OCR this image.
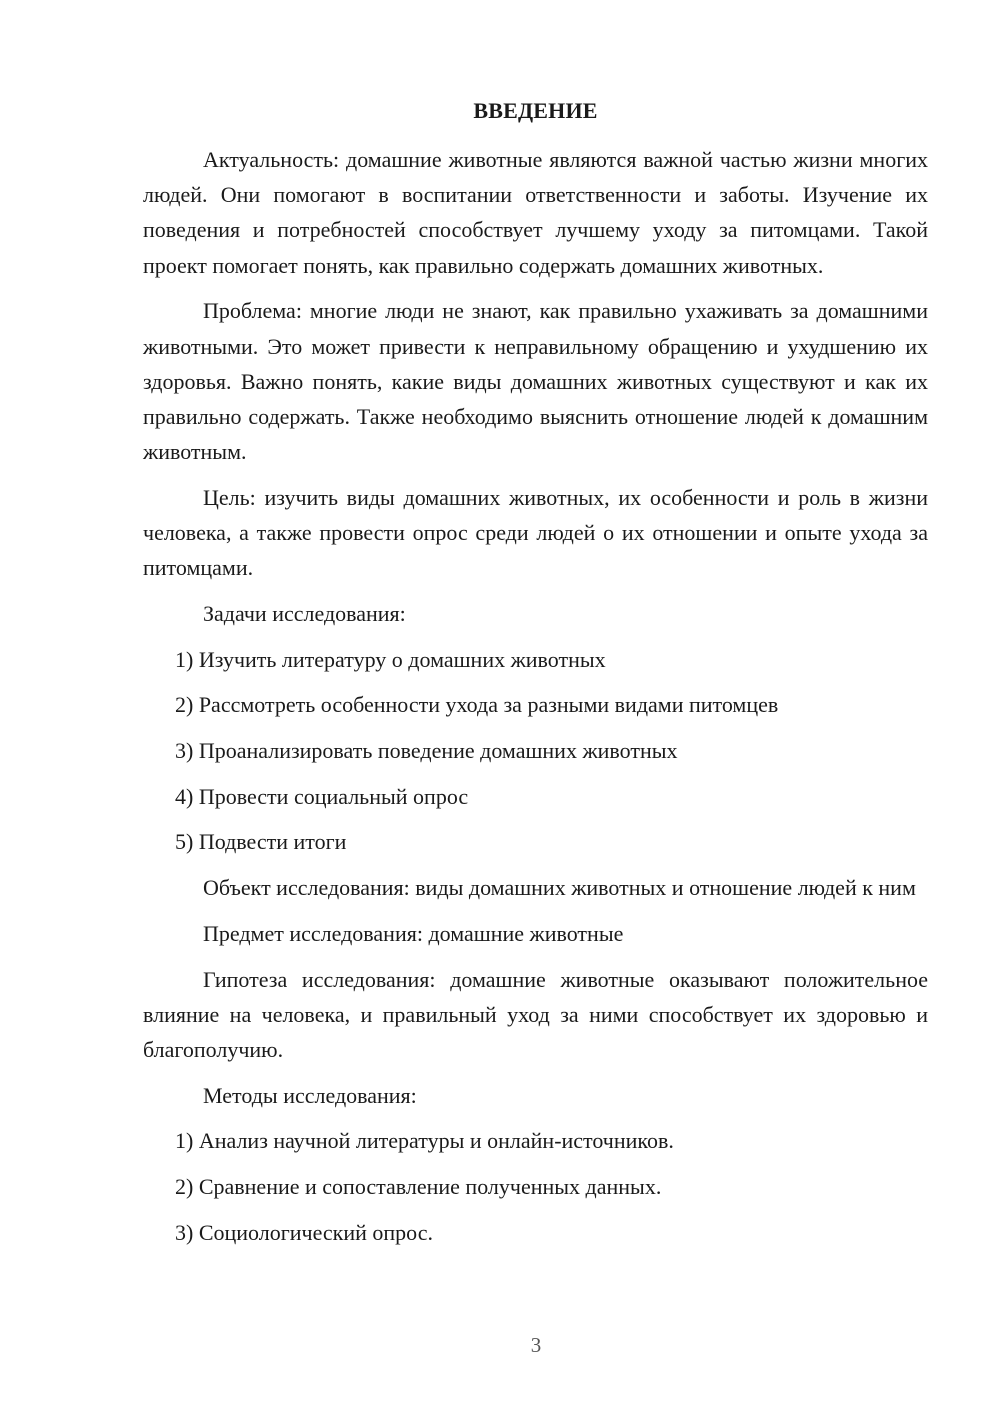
ВВЕДЕНИЕ

Актуальность: домашние животные являются важной частью жизни многих людей. Они помогают в воспитании ответственности и заботы. Изучение их поведения и потребностей способствует лучшему уходу за питомцами. Такой проект помогает понять, как правильно содержать домашних животных.

Проблема: многие люди не знают, как правильно ухаживать за домашними животными. Это может привести к неправильному обращению и ухудшению их здоровья. Важно понять, какие виды домашних животных существуют и как их правильно содержать. Также необходимо выяснить отношение людей к домашним животным.

Цель: изучить виды домашних животных, их особенности и роль в жизни человека, а также провести опрос среди людей о их отношении и опыте ухода за питомцами.

Задачи исследования:

1) Изучить литературу о домашних животных

2) Рассмотреть особенности ухода за разными видами питомцев

3) Проанализировать поведение домашних животных

4) Провести социальный опрос

5) Подвести итоги

Объект исследования: виды домашних животных и отношение людей к ним

Предмет исследования: домашние животные

Гипотеза исследования: домашние животные оказывают положительное влияние на человека, и правильный уход за ними способствует их здоровью и благополучию.

Методы исследования:

1) Анализ научной литературы и онлайн-источников.

2) Сравнение и сопоставление полученных данных.

3) Социологический опрос.

3
